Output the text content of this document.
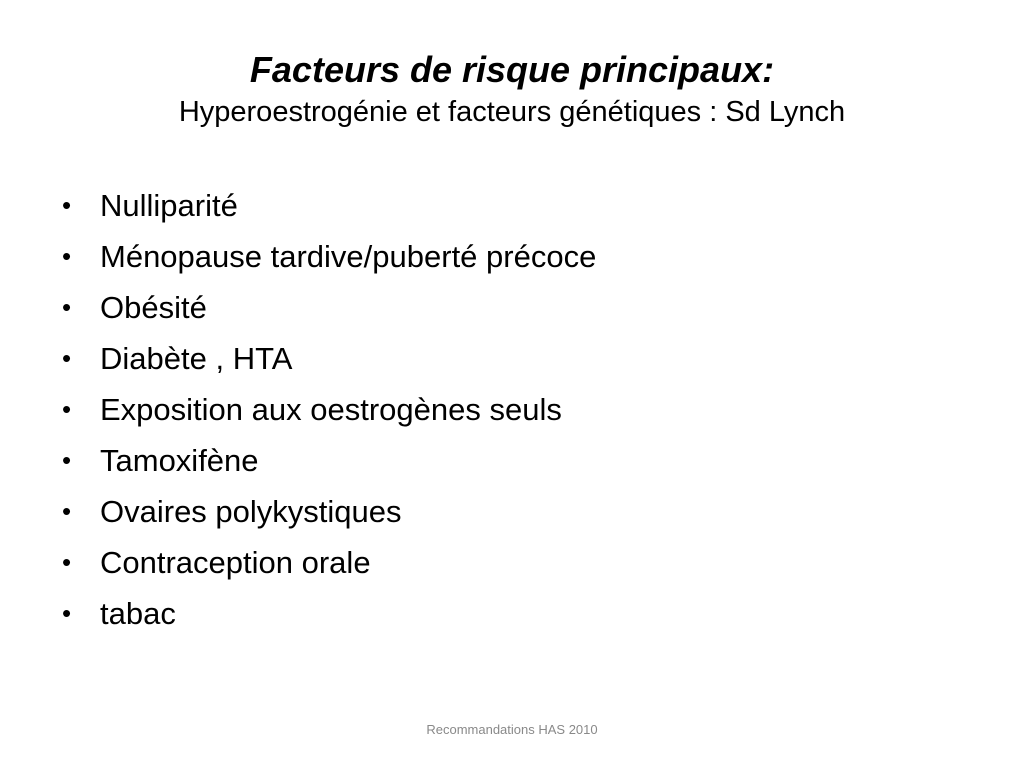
Facteurs de risque principaux:
Hyperoestrogénie et facteurs génétiques : Sd Lynch
• Nulliparité
• Ménopause tardive/puberté précoce
• Obésité
• Diabète , HTA
• Exposition aux oestrogènes seuls
• Tamoxifène
• Ovaires polykystiques
• Contraception orale
• tabac
Recommandations HAS 2010
